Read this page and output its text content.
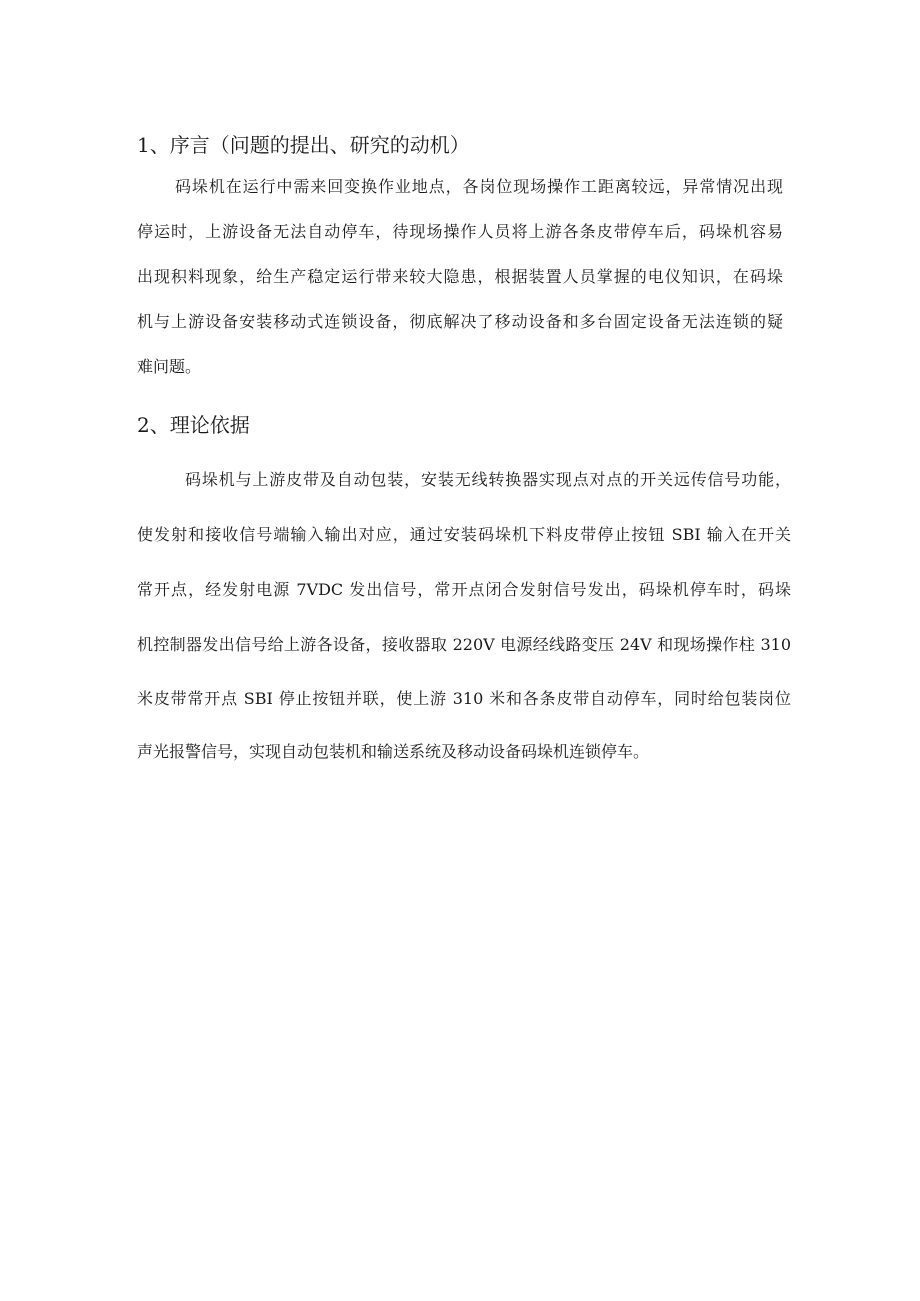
1、序言（问题的提出、研究的动机）

码垛机在运行中需来回变换作业地点，各岗位现场操作工距离较远，异常情况出现

停运时，上游设备无法自动停车，待现场操作人员将上游各条皮带停车后，码垛机容易

出现积料现象，给生产稳定运行带来较大隐患，根据装置人员掌握的电仪知识，在码垛

机与上游设备安装移动式连锁设备，彻底解决了移动设备和多台固定设备无法连锁的疑

难问题。

2、理论依据

码垛机与上游皮带及自动包装，安装无线转换器实现点对点的开关远传信号功能，

使发射和接收信号端输入输出对应，通过安装码垛机下料皮带停止按钮 SBI 输入在开关

常开点，经发射电源 7VDC 发出信号，常开点闭合发射信号发出，码垛机停车时，码垛

机控制器发出信号给上游各设备，接收器取 220V 电源经线路变压 24V 和现场操作柱 310

米皮带常开点 SBI 停止按钮并联，使上游 310 米和各条皮带自动停车，同时给包装岗位

声光报警信号，实现自动包装机和输送系统及移动设备码垛机连锁停车。
